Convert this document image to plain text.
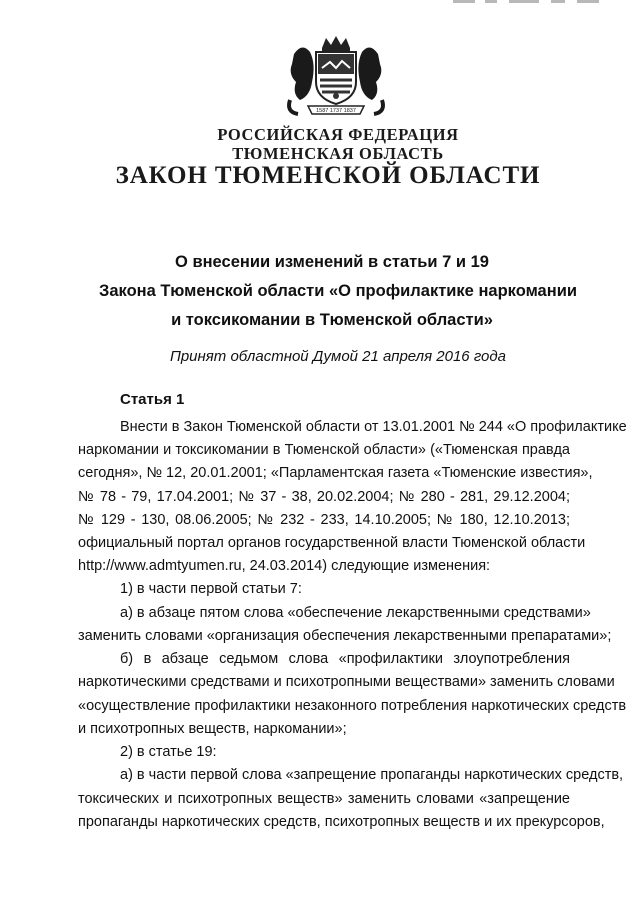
1587 1737 1837
РОССИЙСКАЯ ФЕДЕРАЦИЯ
ТЮМЕНСКАЯ ОБЛАСТЬ
ЗАКОН ТЮМЕНСКОЙ ОБЛАСТИ
О внесении изменений в статьи 7 и 19
Закона Тюменской области «О профилактике наркомании
и токсикомании в Тюменской области»
Принят областной Думой 21 апреля 2016 года
Статья 1
Внести в Закон Тюменской области от 13.01.2001 № 244 «О профилактике
наркомании и токсикомании в Тюменской области» («Тюменская правда
сегодня», № 12, 20.01.2001; «Парламентская газета «Тюменские известия»,
№ 78 - 79, 17.04.2001; № 37 - 38, 20.02.2004; № 280 - 281, 29.12.2004;
№ 129 - 130, 08.06.2005; № 232 - 233, 14.10.2005; № 180, 12.10.2013;
официальный портал органов государственной власти Тюменской области
http://www.admtyumen.ru, 24.03.2014) следующие изменения:
1) в части первой статьи 7:
а) в абзаце пятом слова «обеспечение лекарственными средствами»
заменить словами «организация обеспечения лекарственными препаратами»;
б) в абзаце седьмом слова «профилактики злоупотребления
наркотическими средствами и психотропными веществами» заменить словами
«осуществление профилактики незаконного потребления наркотических средств
и психотропных веществ, наркомании»;
2) в статье 19:
а) в части первой слова «запрещение пропаганды наркотических средств,
токсических и психотропных веществ» заменить словами «запрещение
пропаганды наркотических средств, психотропных веществ и их прекурсоров,
